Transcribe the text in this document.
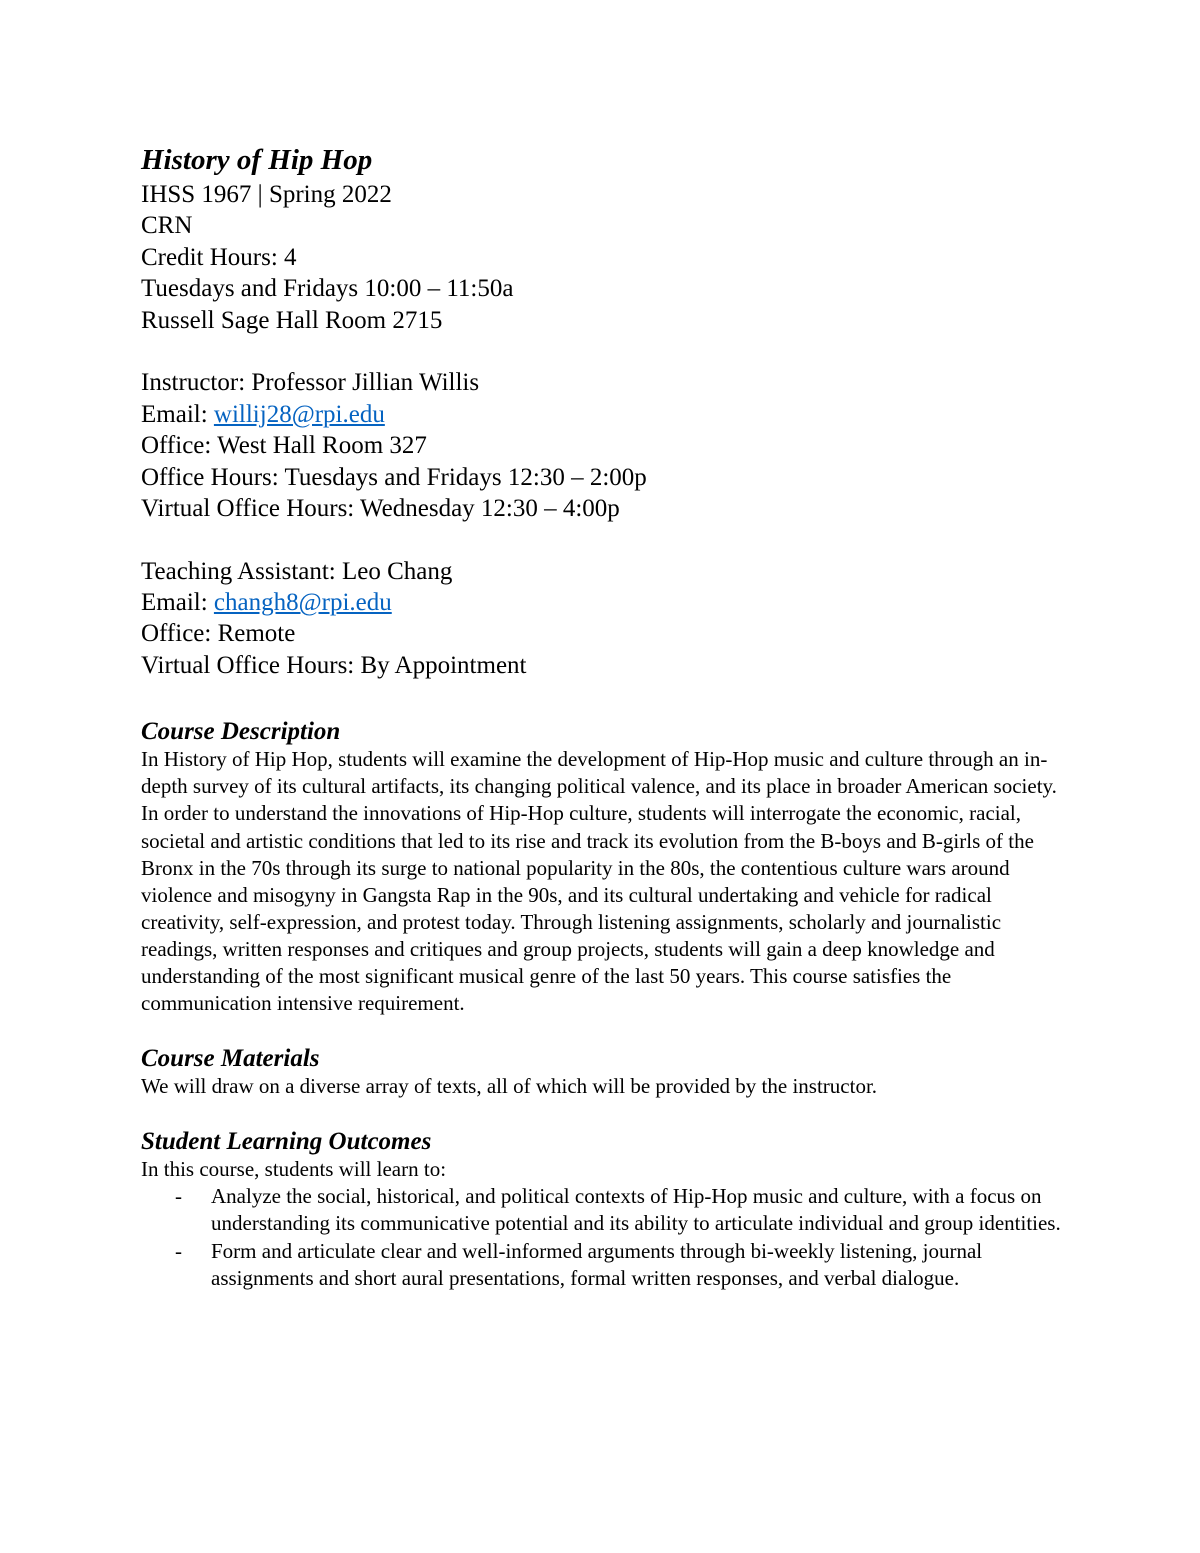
History of Hip Hop
IHSS 1967 | Spring 2022
CRN
Credit Hours: 4
Tuesdays and Fridays 10:00 – 11:50a
Russell Sage Hall Room 2715
Instructor: Professor Jillian Willis
Email: willij28@rpi.edu
Office: West Hall Room 327
Office Hours: Tuesdays and Fridays 12:30 – 2:00p
Virtual Office Hours: Wednesday 12:30 – 4:00p
Teaching Assistant: Leo Chang
Email: changh8@rpi.edu
Office: Remote
Virtual Office Hours: By Appointment
Course Description

In History of Hip Hop, students will examine the development of Hip-Hop music and culture through an in-depth survey of its cultural artifacts, its changing political valence, and its place in broader American society. In order to understand the innovations of Hip-Hop culture, students will interrogate the economic, racial, societal and artistic conditions that led to its rise and track its evolution from the B-boys and B-girls of the Bronx in the 70s through its surge to national popularity in the 80s, the contentious culture wars around violence and misogyny in Gangsta Rap in the 90s, and its cultural undertaking and vehicle for radical creativity, self-expression, and protest today. Through listening assignments, scholarly and journalistic readings, written responses and critiques and group projects, students will gain a deep knowledge and understanding of the most significant musical genre of the last 50 years. This course satisfies the communication intensive requirement.

Course Materials

We will draw on a diverse array of texts, all of which will be provided by the instructor.

Student Learning Outcomes

In this course, students will learn to:

- Analyze the social, historical, and political contexts of Hip-Hop music and culture, with a focus on understanding its communicative potential and its ability to articulate individual and group identities.
- Form and articulate clear and well-informed arguments through bi-weekly listening, journal assignments and short aural presentations, formal written responses, and verbal dialogue.
